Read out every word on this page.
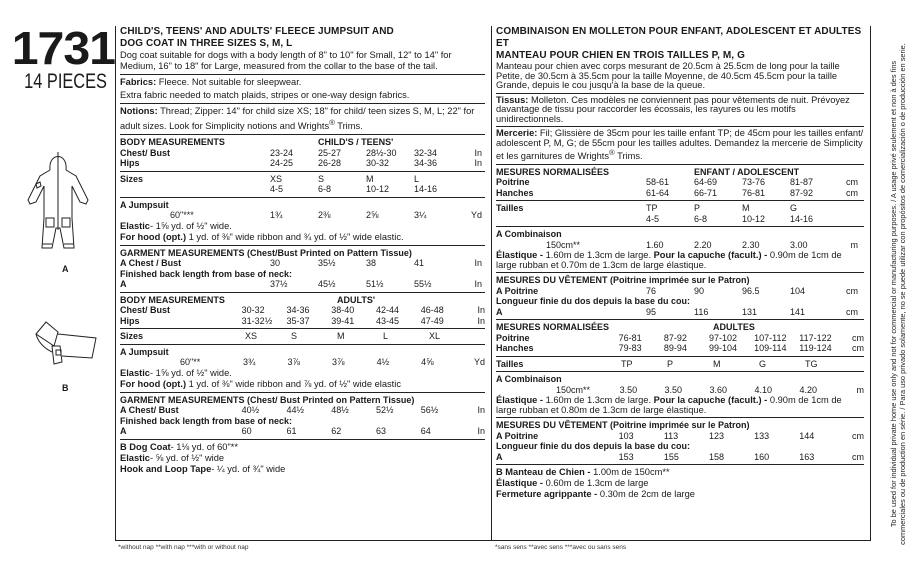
1731
14 PIECES
A
B
CHILD'S, TEENS' AND ADULTS' FLEECE JUMPSUIT AND
DOG COAT IN THREE SIZES S, M, L
Dog coat suitable for dogs with a body length of 8" to 10" for Small, 12" to 14" for Medium, 16" to 18" for Large, measured from the collar to the base of the tail.
Fabrics: Fleece. Not suitable for sleepwear.
Extra fabric needed to match plaids, stripes or one-way design fabrics.
Notions: Thread; Zipper: 14" for child size XS; 18" for child/ teen sizes S, M, L; 22" for adult sizes. Look for Simplicity notions and Wrights® Trims.
BODY MEASUREMENTS	CHILD'S / TEENS'
Chest/ Bust	23-24	25-27	28½-30	32-34	In
Hips	24-25	26-28	30-32	34-36	In
Sizes	XS	S	M	L
4-5	6-8	10-12	14-16
A Jumpsuit
60"***	1¾	2⅜	2⅝	3¼	Yd
Elastic- 1⅝ yd. of ½" wide.
For hood (opt.) 1 yd. of ⅜" wide ribbon and ¾ yd. of ½" wide elastic.
GARMENT MEASUREMENTS (Chest/Bust Printed on Pattern Tissue)
A Chest / Bust	30	35½	38	41	In
Finished back length from base of neck:
A	37½	45½	51½	55½	In
BODY MEASUREMENTS	ADULTS'
Chest/ Bust	30-32	34-36	38-40	42-44	46-48	In
Hips	31-32½	35-37	39-41	43-45	47-49	In
Sizes	XS	S	M	L	XL
A Jumpsuit
60"**	3¾	3⅞	3⅞	4½	4⅝	Yd
Elastic- 1⅝ yd. of ½" wide.
For hood (opt.) 1 yd. of ⅜" wide ribbon and ⅞ yd. of ½" wide elastic
GARMENT MEASUREMENTS (Chest/ Bust Printed on Pattern Tissue)
A Chest/ Bust	40½	44½	48½	52½	56½	In
Finished back length from base of neck:
A	60	61	62	63	64	In
B Dog Coat- 1⅛ yd. of 60"**
Elastic- ⅝ yd. of ½" wide
Hook and Loop Tape- ¼ yd. of ¾" wide
COMBINAISON EN MOLLETON POUR ENFANT, ADOLESCENT ET ADULTES ET
MANTEAU POUR CHIEN EN TROIS TAILLES P, M, G
Manteau pour chien avec corps mesurant de 20.5cm à 25.5cm de long pour la taille Petite, de 30.5cm à 35.5cm pour la taille Moyenne, de 40.5cm 45.5cm pour la taille Grande, depuis le cou jusqu'à la base de la queue.
Tissus: Molleton. Ces modèles ne conviennent pas pour vêtements de nuit. Prévoyez davantage de tissu pour raccorder les écossais, les rayures ou les motifs unidirectionnels.
Mercerie: Fil; Glissière de 35cm pour les taille enfant TP; de 45cm pour les tailles enfant/ adolescent P, M, G; de 55cm pour les tailles adultes. Demandez la mercerie de Simplicity et les garnitures de Wrights® Trims.
MESURES NORMALISÉES	ENFANT / ADOLESCENT
Poitrine	58-61	64-69	73-76	81-87	cm
Hanches	61-64	66-71	76-81	87-92	cm
Tailles	TP	P	M	G
4-5	6-8	10-12	14-16
A Combinaison
150cm**	1.60	2.20	2.30	3.00	m
Élastique - 1.60m de 1.3cm de large. Pour la capuche (facult.) - 0.90m de 1cm de large rubban et 0.70m de 1.3cm de large élastique.
MESURES DU VÊTEMENT (Poitrine imprimée sur le Patron)
A Poitrine	76	90	96.5	104	cm
Longueur finie du dos depuis la base du cou:
A	95	116	131	141	cm
MESURES NORMALISÉES	ADULTES
Poitrine	76-81	87-92	97-102	107-112	117-122	cm
Hanches	79-83	89-94	99-104	109-114	119-124	cm
Tailles	TP	P	M	G	TG
A Combinaison
150cm**	3.50	3.50	3.60	4.10	4.20	m
Élastique - 1.60m de 1.3cm de large. Pour la capuche (facult.) - 0.90m de 1cm de large rubban et 0.80m de 1.3cm de large élastique.
MESURES DU VÊTEMENT (Poitrine imprimée sur le Patron)
A Poitrine	103	113	123	133	144	cm
Longueur finie du dos depuis la base du cou:
A	153	155	158	160	163	cm
B Manteau de Chien - 1.00m de 150cm**
Élastique - 0.60m de 1.3cm de large
Fermeture agrippante - 0.30m de 2cm de large
*without nap **with nap ***with or without nap	*sans sens **avec sens ***avec ou sans sens
To be used for individual private home use only and not for commercial or manufacturing purposes. / A usage privé seulement et non à des fins commerciales ou de production en série. / Para uso privado solamente, no se puede utilizar con propósitos de comercialización o de producción en serie.
